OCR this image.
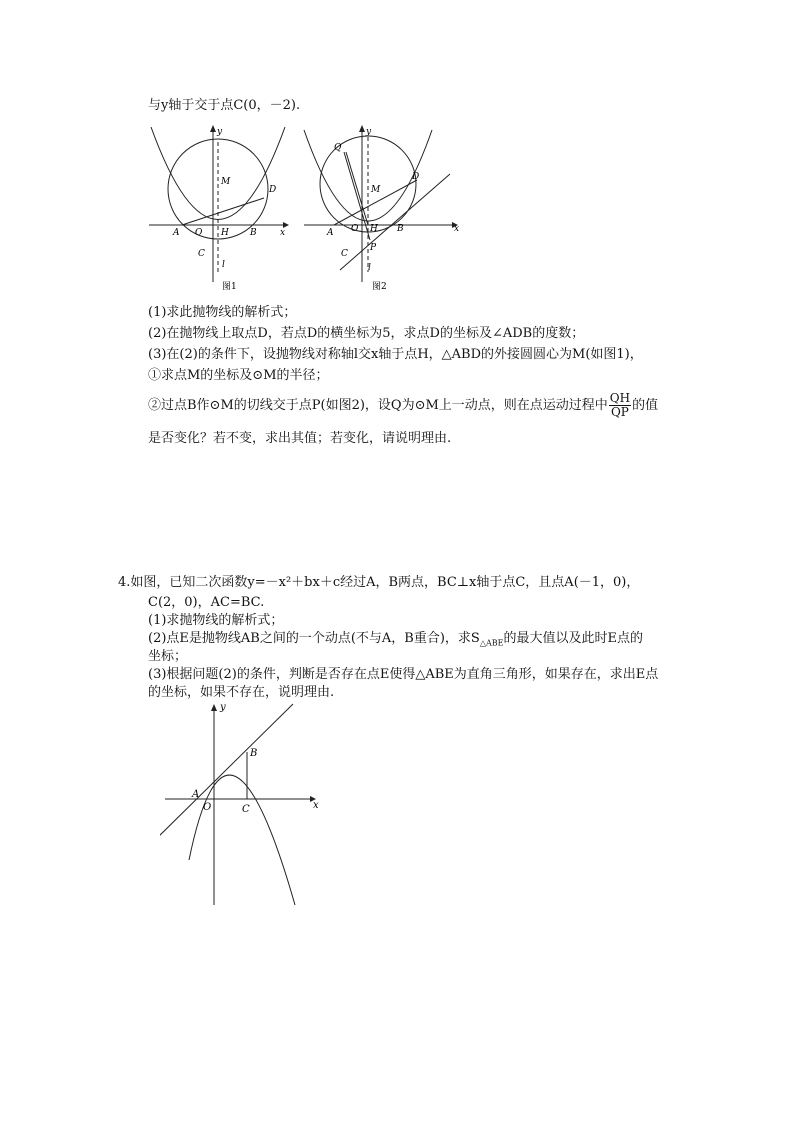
与y轴于交于点C(0，－2).
y
x
M
D
A O H B
C
l
图1
y
x
Q
M
D
A O H B
P
C
l
图2
(1)求此抛物线的解析式；
(2)在抛物线上取点D，若点D的横坐标为5，求点D的坐标及∠ADB的度数；
(3)在(2)的条件下，设抛物线对称轴l交x轴于点H，△ABD的外接圆圆心为M(如图1)，
①求点M的坐标及⊙M的半径；
②过点B作⊙M的切线交于点P(如图2)，设Q为⊙M上一动点，则在点运动过程中 $\frac{QH}{QP}$ 的值
是否变化？若不变，求出其值；若变化，请说明理由.
4.如图，已知二次函数y=－x²＋bx＋c经过A，B两点，BC⊥x轴于点C，且点A(－1，0)，
C(2，0)，AC=BC.
(1)求抛物线的解析式；
(2)点E是抛物线AB之间的一个动点(不与A，B重合)，求$S_{\triangle ABE}$的最大值以及此时E点的
坐标；
(3)根据问题(2)的条件，判断是否存在点E使得△ABE为直角三角形，如果存在，求出E点
的坐标，如果不存在，说明理由.
y
x
A
O
B
C
